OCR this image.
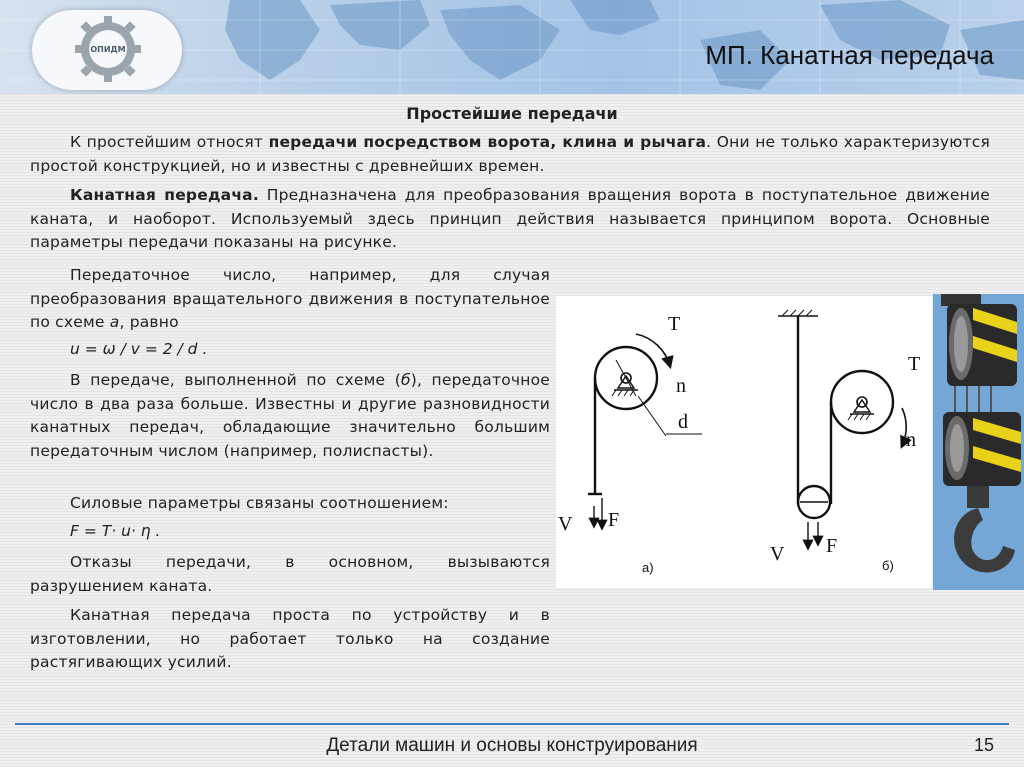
ОПИДМ	МП. Канатная передача
Простейшие передачи

К простейшим относят передачи посредством ворота, клина и рычага. Они не только характеризуются простой конструкцией, но и известны с древнейших времен.

Канатная передача. Предназначена для преобразования вращения ворота в поступательное движение каната, и наоборот. Используемый здесь принцип действия называется принципом ворота. Основные параметры передачи показаны на рисунке.

Передаточное число, например, для случая преобразования вращательного движения в поступательное по схеме а, равно

u = ω / v = 2 / d .

В передаче, выполненной по схеме (б), передаточное число в два раза больше. Известны и другие разновидности канатных передач, обладающие значительно большим передаточным числом (например, полиспасты).

Силовые параметры связаны соотношением:

F = T· u· η .

Отказы передачи, в основном, вызываются разрушением каната.

Канатная передача проста по устройству и в изготовлении, но работает только на создание растягивающих усилий.

T
n
d
V F
а)
T
n
V F
б)
Детали машин и основы конструирования	15
